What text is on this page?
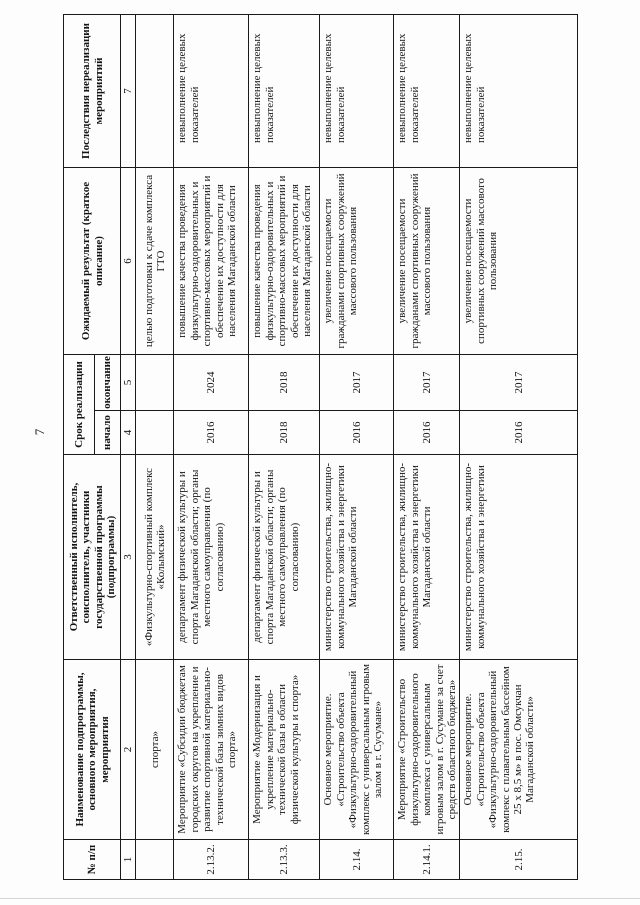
7
№ п/п	Наименование подпрограммы, основного мероприятия, мероприятия	Ответственный исполнитель, соисполнитель, участники государственной программы (подпрограммы)	Срок реализации		Ожидаемый результат (краткое описание)	Последствия нереализации мероприятий
			начало	окончание		
1	2	3	4	5	6	7
	спорта»	«Физкультурно-спортивный комплекс «Колымский»			целью подготовки к сдаче комплекса ГТО	
2.13.2.	Мероприятие «Субсидии бюджетам городских округов на укрепление и развитие спортивной материально-технической базы зимних видов спорта»	департамент физической культуры и спорта Магаданской области; органы местного самоуправления (по согласованию)	2016	2024	повышение качества проведения физкультурно-оздоровительных и спортивно-массовых мероприятий и обеспечение их доступности для населения Магаданской области	невыполнение целевых показателей
2.13.3.	Мероприятие «Модернизация и укрепление материально-технической базы в области физической культуры и спорта»	департамент физической культуры и спорта Магаданской области; органы местного самоуправления (по согласованию)	2018	2018	повышение качества проведения физкультурно-оздоровительных и спортивно-массовых мероприятий и обеспечение их доступности для населения Магаданской области	невыполнение целевых показателей
2.14.	Основное мероприятие. «Строительство объекта «Физкультурно-оздоровительный комплекс с универсальным игровым залом в г. Сусумане»	министерство строительства, жилищно-коммунального хозяйства и энергетики Магаданской области	2016	2017	увеличение посещаемости гражданами спортивных сооружений массового пользования	невыполнение целевых показателей
2.14.1.	Мероприятие «Строительство физкультурно-оздоровительного комплекса с универсальным игровым залом в г. Сусумане за счет средств областного бюджета»	министерство строительства, жилищно-коммунального хозяйства и энергетики Магаданской области	2016	2017	увеличение посещаемости гражданами спортивных сооружений массового пользования	невыполнение целевых показателей
2.15.	Основное мероприятие. «Строительство объекта «Физкультурно-оздоровительный компекс с плавательным бассейном 25 х 8,5 м» в пос. Омсукчан Магаданской области»	министерство строительства, жилищно-коммунального хозяйства и энергетики	2016	2017	увеличение посещаемости спортивных сооружений массового пользования	невыполнение целевых показателей
